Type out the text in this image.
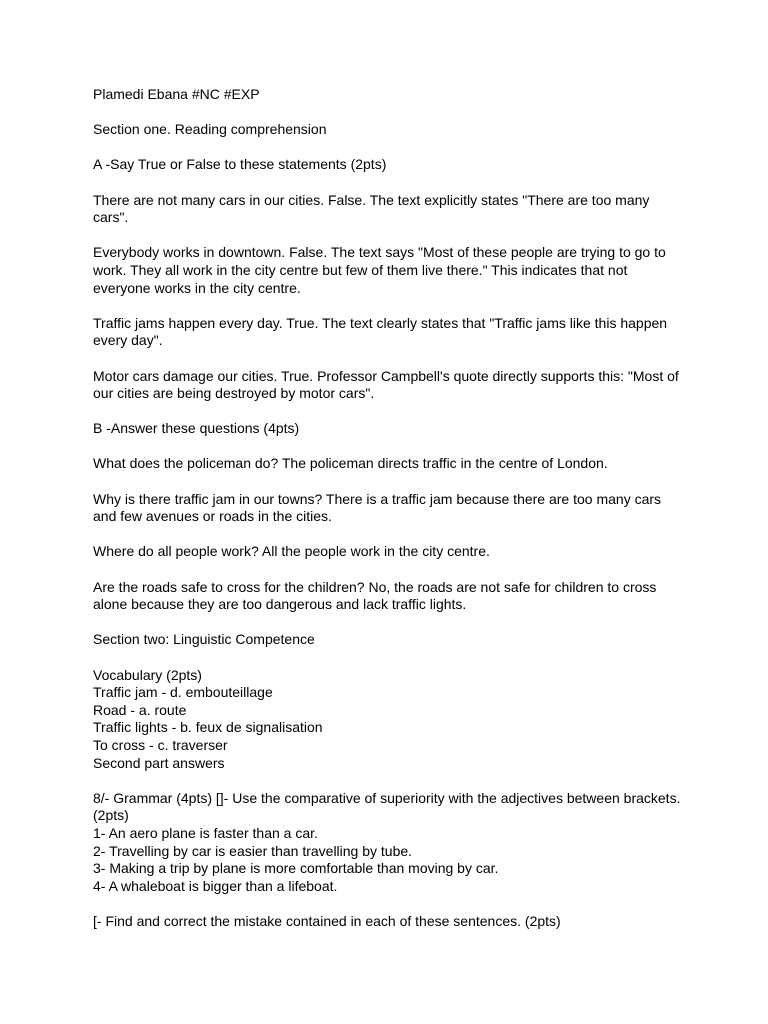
Plamedi Ebana #NC #EXP

Section one. Reading comprehension

A -Say True or False to these statements (2pts)

There are not many cars in our cities. False. The text explicitly states "There are too many cars".

Everybody works in downtown. False. The text says "Most of these people are trying to go to work. They all work in the city centre but few of them live there." This indicates that not everyone works in the city centre.

Traffic jams happen every day. True. The text clearly states that "Traffic jams like this happen every day".

Motor cars damage our cities. True. Professor Campbell's quote directly supports this: "Most of our cities are being destroyed by motor cars".

B -Answer these questions (4pts)

What does the policeman do? The policeman directs traffic in the centre of London.

Why is there traffic jam in our towns? There is a traffic jam because there are too many cars and few avenues or roads in the cities.

Where do all people work? All the people work in the city centre.

Are the roads safe to cross for the children? No, the roads are not safe for children to cross alone because they are too dangerous and lack traffic lights.

Section two: Linguistic Competence

Vocabulary (2pts)
Traffic jam - d. embouteillage
Road - a. route
Traffic lights - b. feux de signalisation
To cross - c. traverser
Second part answers
8/- Grammar (4pts) []- Use the comparative of superiority with the adjectives between brackets. (2pts)
1- An aero plane is faster than a car.
2- Travelling by car is easier than travelling by tube.
3- Making a trip by plane is more comfortable than moving by car.
4- A whaleboat is bigger than a lifeboat.

[- Find and correct the mistake contained in each of these sentences. (2pts)
